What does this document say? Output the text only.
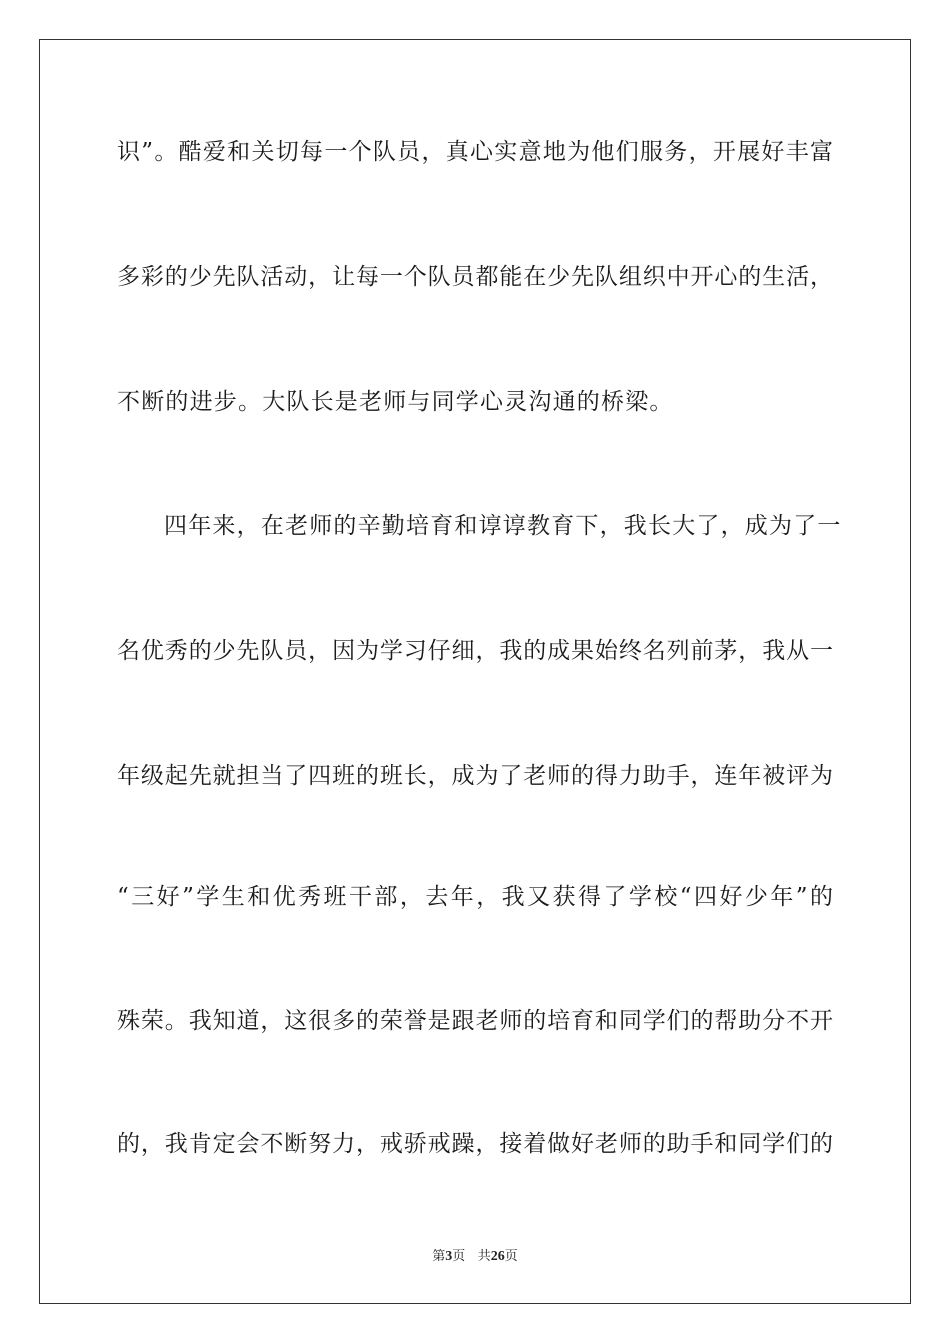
识”。酷爱和关切每一个队员，真心实意地为他们服务，开展好丰富
多彩的少先队活动，让每一个队员都能在少先队组织中开心的生活，
不断的进步。大队长是老师与同学心灵沟通的桥梁。
四年来，在老师的辛勤培育和谆谆教育下，我长大了，成为了一
名优秀的少先队员，因为学习仔细，我的成果始终名列前茅，我从一
年级起先就担当了四班的班长，成为了老师的得力助手，连年被评为
“三好”学生和优秀班干部，去年，我又获得了学校“四好少年”的
殊荣。我知道，这很多的荣誉是跟老师的培育和同学们的帮助分不开
的，我肯定会不断努力，戒骄戒躁，接着做好老师的助手和同学们的
第3页 共26页
